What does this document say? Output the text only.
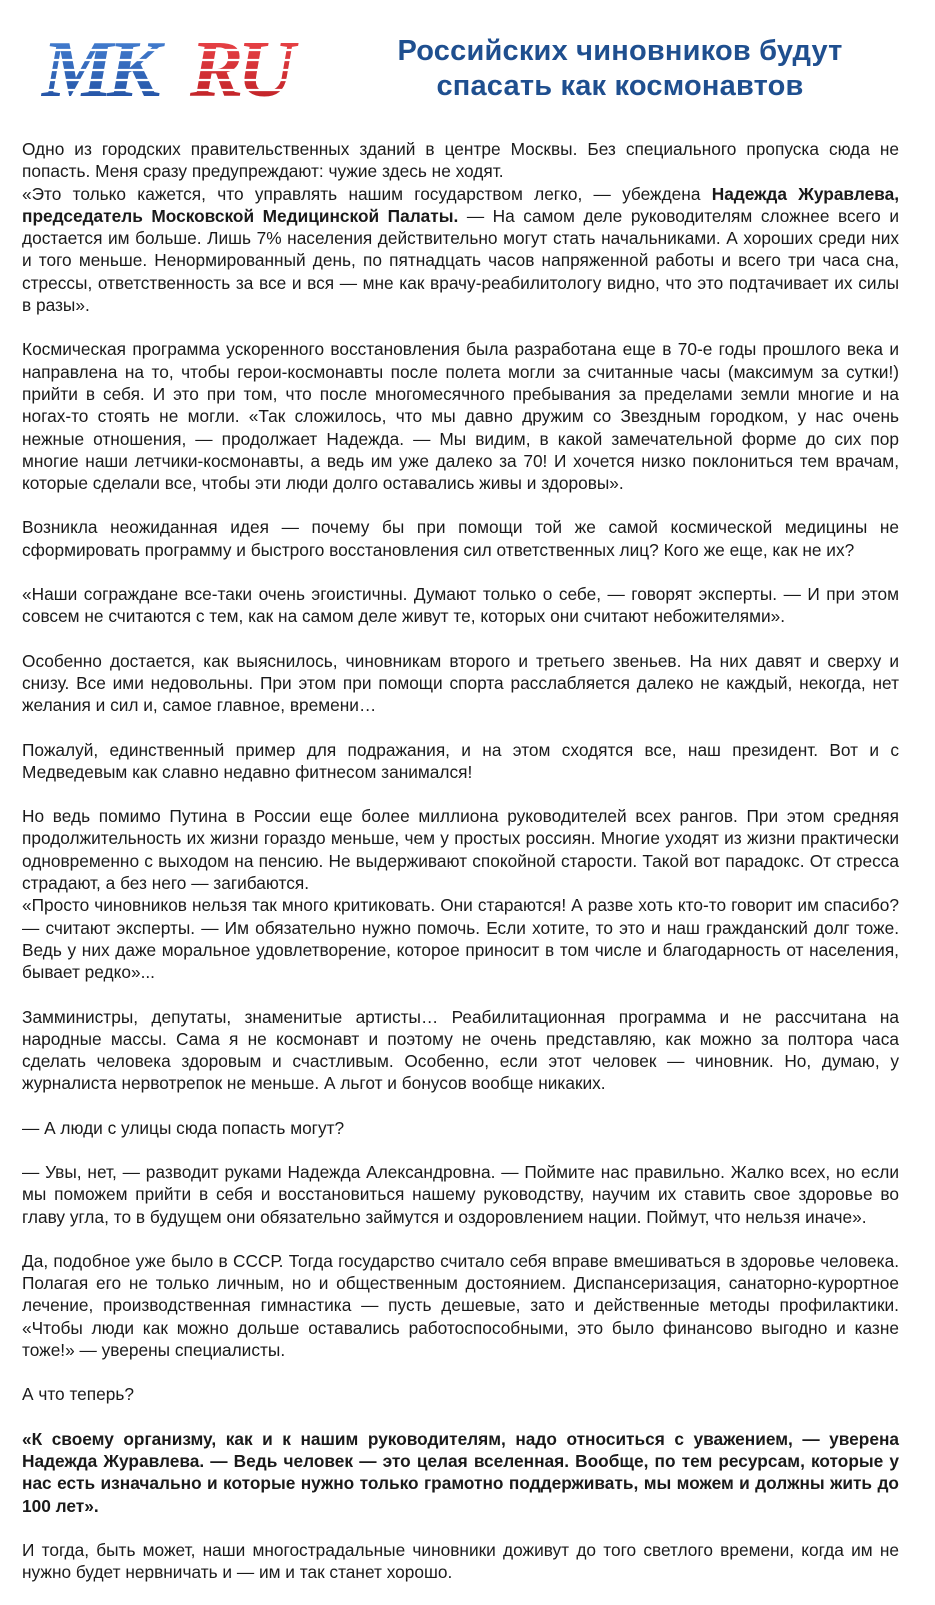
MK RU	Российских чиновников будут
спасать как космонавтов

Одно из городских правительственных зданий в центре Москвы. Без специального пропуска сюда не попасть. Меня сразу предупреждают: чужие здесь не ходят.

«Это только кажется, что управлять нашим государством легко, — убеждена Надежда Журавлева, председатель Московской Медицинской Палаты. — На самом деле руководителям сложнее всего и достается им больше. Лишь 7% населения действительно могут стать начальниками. А хороших среди них и того меньше. Ненормированный день, по пятнадцать часов напряженной работы и всего три часа сна, стрессы, ответственность за все и вся — мне как врачу-реабилитологу видно, что это подтачивает их силы в разы».

Космическая программа ускоренного восстановления была разработана еще в 70-е годы прошлого века и направлена на то, чтобы герои-космонавты после полета могли за считанные часы (максимум за сутки!) прийти в себя. И это при том, что после многомесячного пребывания за пределами земли многие и на ногах-то стоять не могли. «Так сложилось, что мы давно дружим со Звездным городком, у нас очень нежные отношения, — продолжает Надежда. — Мы видим, в какой замечательной форме до сих пор многие наши летчики-космонавты, а ведь им уже далеко за 70! И хочется низко поклониться тем врачам, которые сделали все, чтобы эти люди долго оставались живы и здоровы».

Возникла неожиданная идея — почему бы при помощи той же самой космической медицины не сформировать программу и быстрого восстановления сил ответственных лиц? Кого же еще, как не их?

«Наши сограждане все-таки очень эгоистичны. Думают только о себе, — говорят эксперты. — И при этом совсем не считаются с тем, как на самом деле живут те, которых они считают небожителями».

Особенно достается, как выяснилось, чиновникам второго и третьего звеньев. На них давят и сверху и снизу. Все ими недовольны. При этом при помощи спорта расслабляется далеко не каждый, некогда, нет желания и сил и, самое главное, времени…

Пожалуй, единственный пример для подражания, и на этом сходятся все, наш президент. Вот и с Медведевым как славно недавно фитнесом занимался!

Но ведь помимо Путина в России еще более миллиона руководителей всех рангов. При этом средняя продолжительность их жизни гораздо меньше, чем у простых россиян. Многие уходят из жизни практически одновременно с выходом на пенсию. Не выдерживают спокойной старости. Такой вот парадокс. От стресса страдают, а без него — загибаются.

«Просто чиновников нельзя так много критиковать. Они стараются! А разве хоть кто-то говорит им спасибо? — считают эксперты. — Им обязательно нужно помочь. Если хотите, то это и наш гражданский долг тоже. Ведь у них даже моральное удовлетворение, которое приносит в том числе и благодарность от населения, бывает редко»...

Замминистры, депутаты, знаменитые артисты… Реабилитационная программа и не рассчитана на народные массы. Сама я не космонавт и поэтому не очень представляю, как можно за полтора часа сделать человека здоровым и счастливым. Особенно, если этот человек — чиновник. Но, думаю, у журналиста нервотрепок не меньше. А льгот и бонусов вообще никаких.

— А люди с улицы сюда попасть могут?

— Увы, нет, — разводит руками Надежда Александровна. — Поймите нас правильно. Жалко всех, но если мы поможем прийти в себя и восстановиться нашему руководству, научим их ставить свое здоровье во главу угла, то в будущем они обязательно займутся и оздоровлением нации. Поймут, что нельзя иначе».

Да, подобное уже было в СССР. Тогда государство считало себя вправе вмешиваться в здоровье человека. Полагая его не только личным, но и общественным достоянием. Диспансеризация, санаторно-курортное лечение, производственная гимнастика — пусть дешевые, зато и действенные методы профилактики. «Чтобы люди как можно дольше оставались работоспособными, это было финансово выгодно и казне тоже!» — уверены специалисты.

А что теперь?

«К своему организму, как и к нашим руководителям, надо относиться с уважением, — уверена Надежда Журавлева. — Ведь человек — это целая вселенная. Вообще, по тем ресурсам, которые у нас есть изначально и которые нужно только грамотно поддерживать, мы можем и должны жить до 100 лет».

И тогда, быть может, наши многострадальные чиновники доживут до того светлого времени, когда им не нужно будет нервничать и — им и так станет хорошо.
